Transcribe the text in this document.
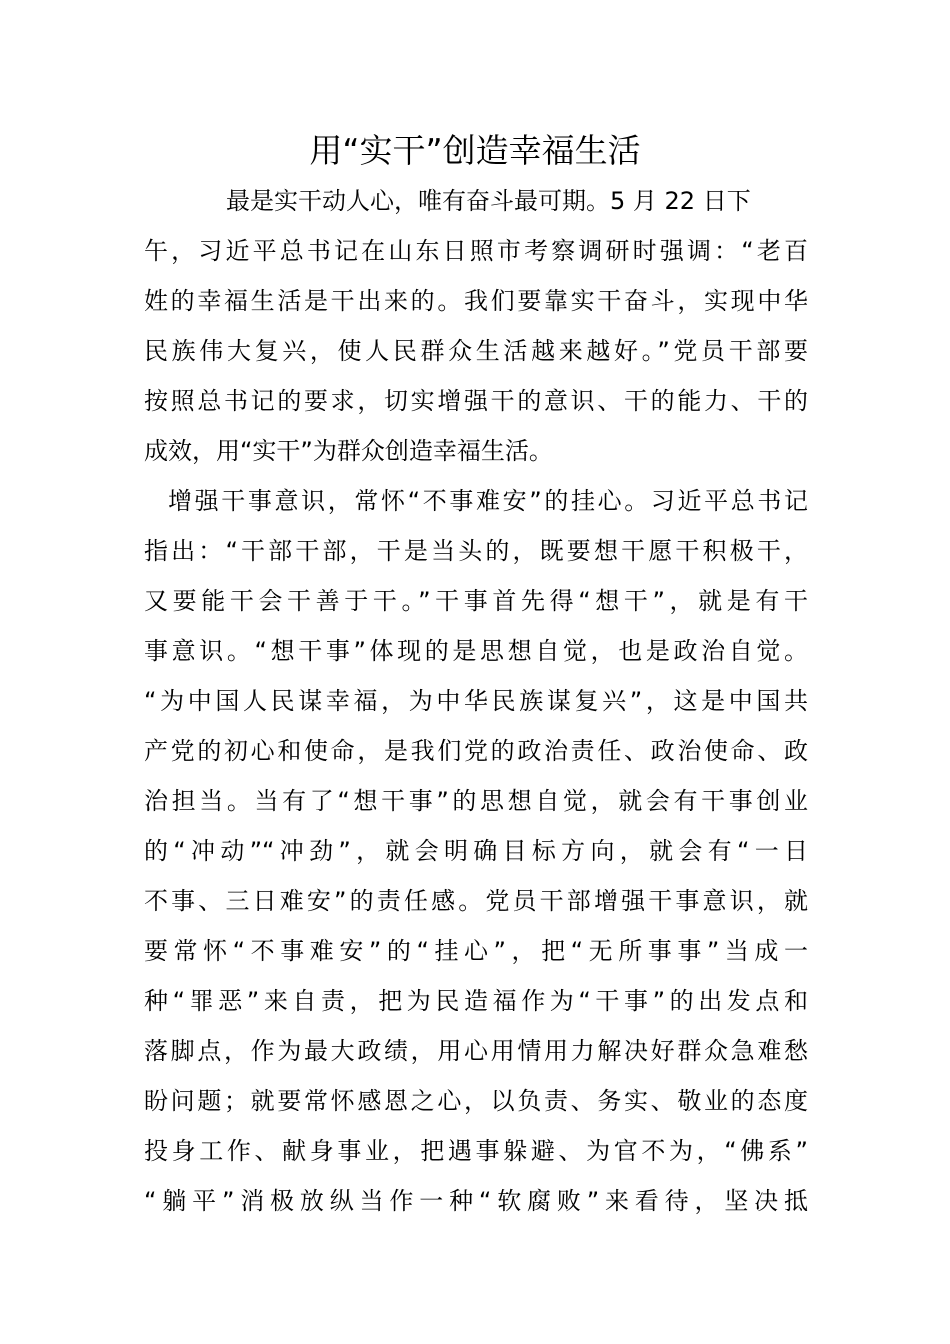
用“实干”创造幸福生活
最是实干动人心，唯有奋斗最可期。5 月 22 日下
午，习近平总书记在山东日照市考察调研时强调：“老百
姓的幸福生活是干出来的。我们要靠实干奋斗，实现中华
民族伟大复兴，使人民群众生活越来越好。”党员干部要
按照总书记的要求，切实增强干的意识、干的能力、干的
成效，用“实干”为群众创造幸福生活。
增强干事意识，常怀“不事难安”的挂心。习近平总书记
指出：“干部干部，干是当头的，既要想干愿干积极干，
又要能干会干善于干。”干事首先得“想干”，就是有干
事意识。“想干事”体现的是思想自觉，也是政治自觉。
“为中国人民谋幸福，为中华民族谋复兴”，这是中国共
产党的初心和使命，是我们党的政治责任、政治使命、政
治担当。当有了“想干事”的思想自觉，就会有干事创业
的“冲动”“冲劲”，就会明确目标方向，就会有“一日
不事、三日难安”的责任感。党员干部增强干事意识，就
要常怀“不事难安”的“挂心”，把“无所事事”当成一
种“罪恶”来自责，把为民造福作为“干事”的出发点和
落脚点，作为最大政绩，用心用情用力解决好群众急难愁
盼问题；就要常怀感恩之心，以负责、务实、敬业的态度
投身工作、献身事业，把遇事躲避、为官不为，“佛系”
“躺平”消极放纵当作一种“软腐败”来看待，坚决抵
